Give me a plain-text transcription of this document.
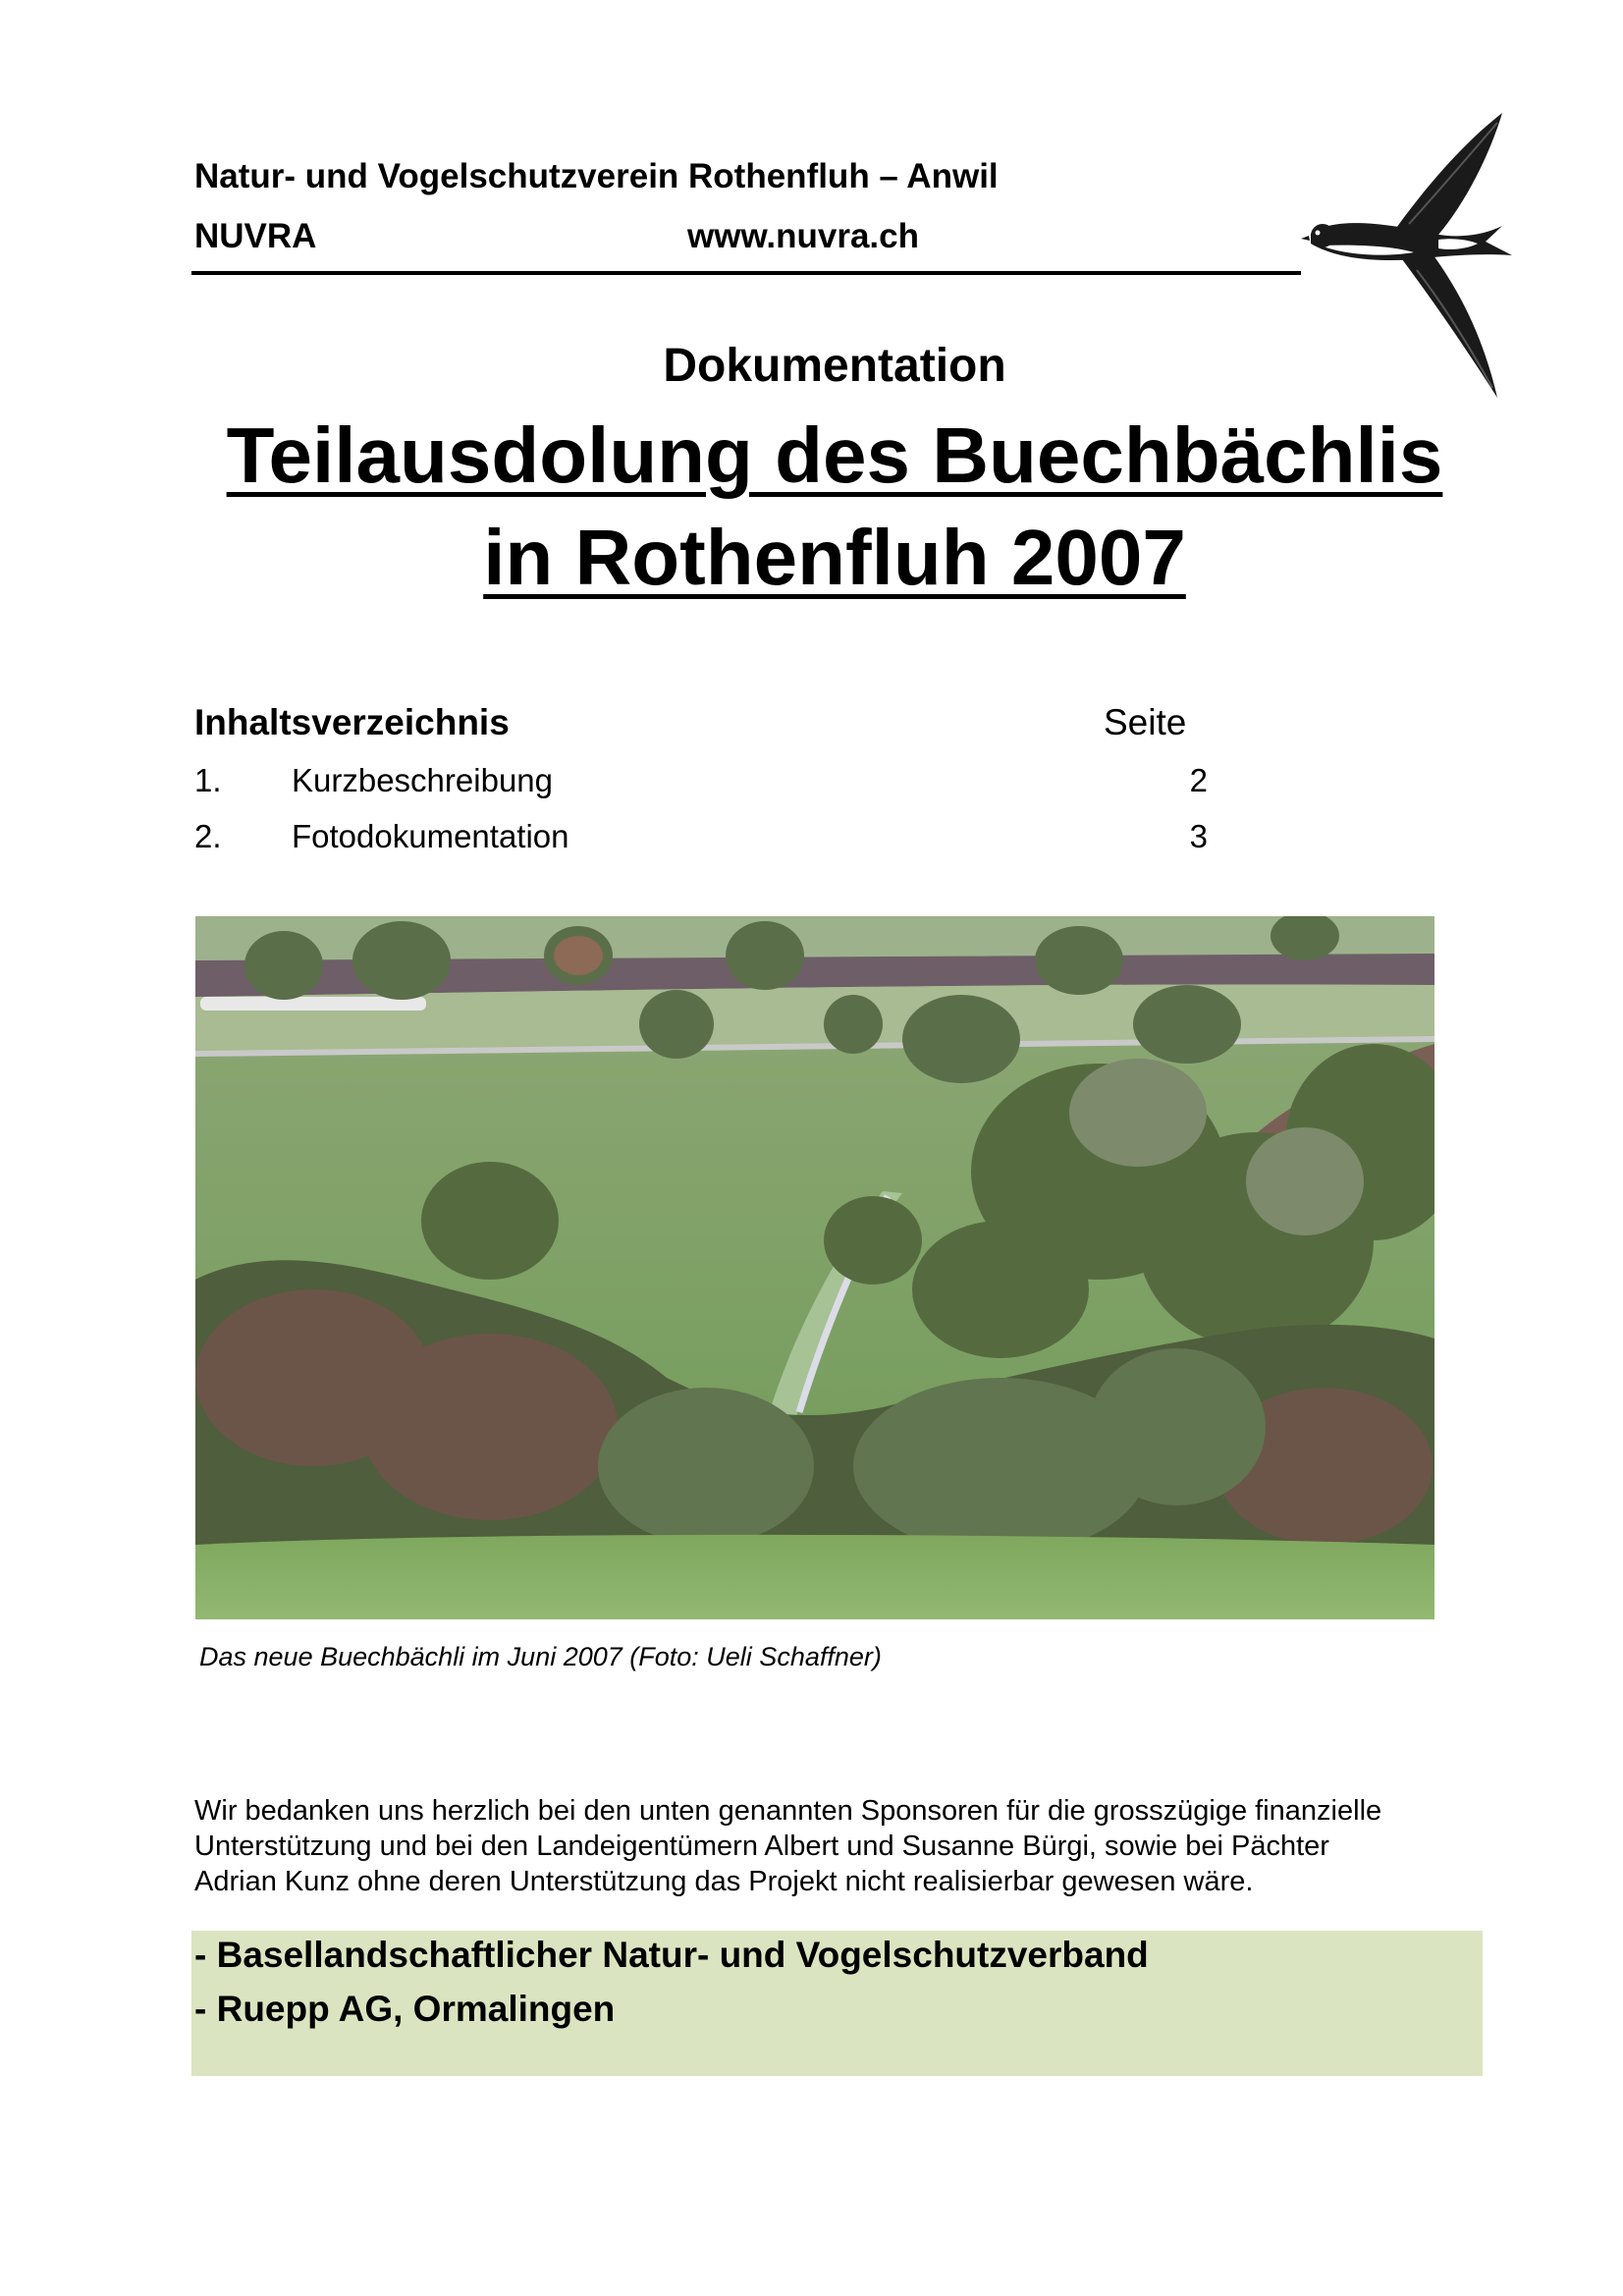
Natur- und Vogelschutzverein Rothenfluh – Anwil
NUVRA	www.nuvra.ch
Dokumentation
Teilausdolung des Buechbächlis
in Rothenfluh 2007
Inhaltsverzeichnis	Seite
1. Kurzbeschreibung	2
2. Fotodokumentation	3
Das neue Buechbächli im Juni 2007 (Foto: Ueli Schaffner)
Wir bedanken uns herzlich bei den unten genannten Sponsoren für die grosszügige finanzielle
Unterstützung und bei den Landeigentümern Albert und Susanne Bürgi, sowie bei Pächter
Adrian Kunz ohne deren Unterstützung das Projekt nicht realisierbar gewesen wäre.
- Basellandschaftlicher Natur- und Vogelschutzverband
- Ruepp AG, Ormalingen
